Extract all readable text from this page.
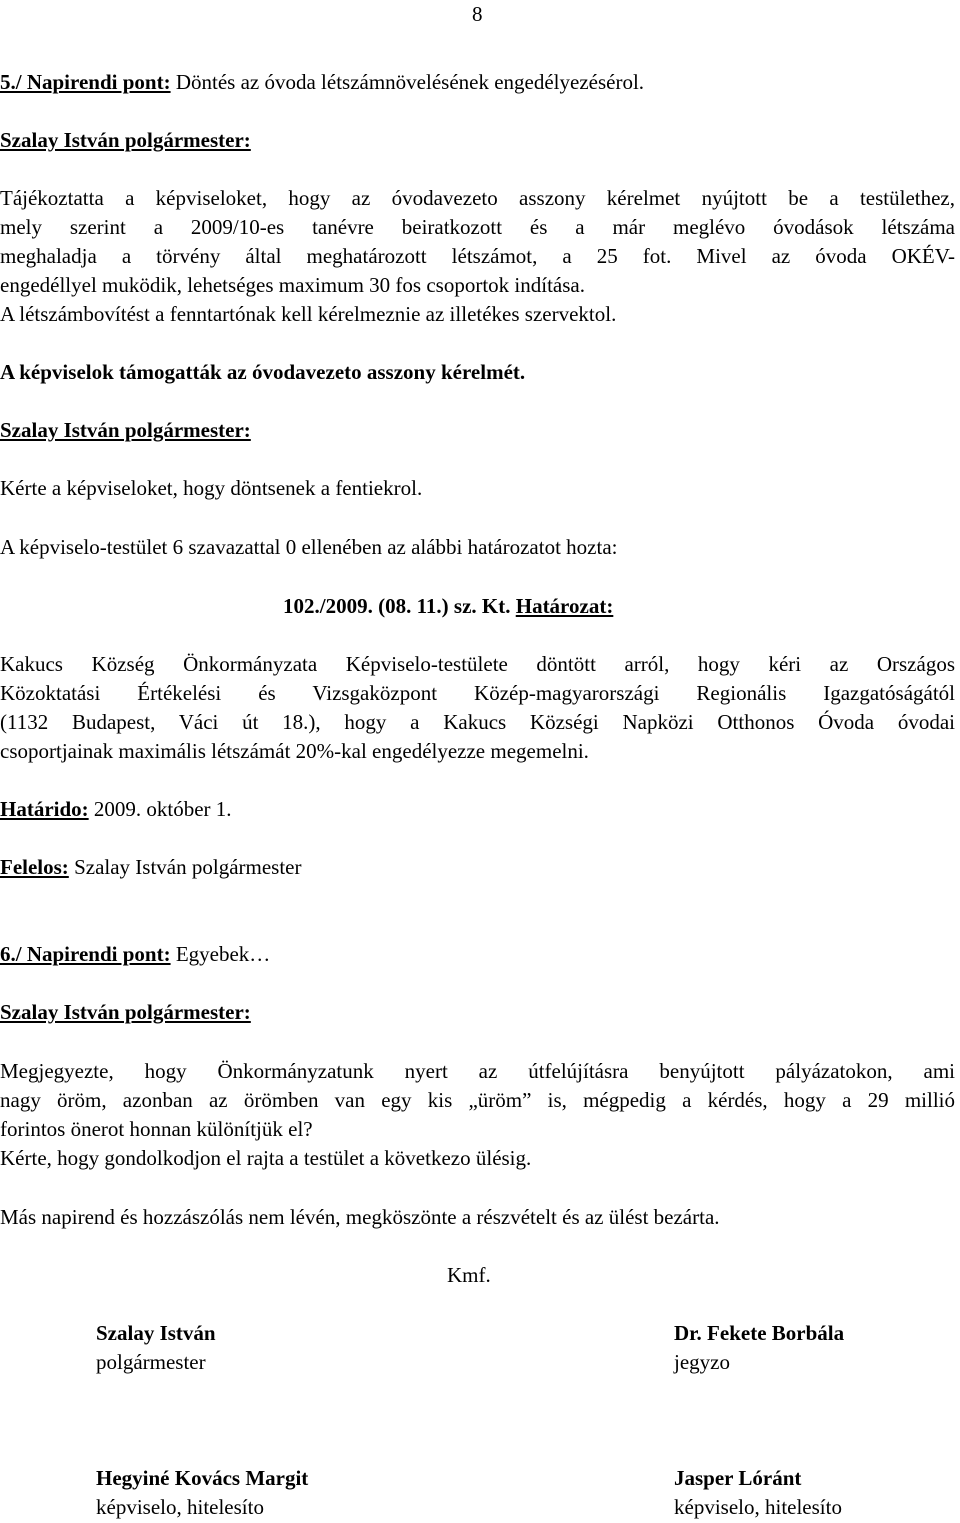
8
5./ Napirendi pont: Döntés az óvoda létszámnövelésének engedélyezésérol.
Szalay István polgármester:
Tájékoztatta a képviseloket, hogy az óvodavezeto asszony kérelmet nyújtott be a testülethez,
mely szerint a 2009/10-es tanévre beiratkozott és a már meglévo óvodások létszáma
meghaladja a törvény által meghatározott létszámot, a 25 fot. Mivel az óvoda OKÉV-
engedéllyel muködik, lehetséges maximum 30 fos csoportok indítása.
A létszámbovítést a fenntartónak kell kérelmeznie az illetékes szervektol.
A képviselok támogatták az óvodavezeto asszony kérelmét.
Szalay István polgármester:
Kérte a képviseloket, hogy döntsenek a fentiekrol.
A képviselo-testület 6 szavazattal 0 ellenében az alábbi határozatot hozta:
102./2009. (08. 11.) sz. Kt. Határozat:
Kakucs Község Önkormányzata Képviselo-testülete döntött arról, hogy kéri az Országos
Közoktatási Értékelési és Vizsgaközpont Közép-magyarországi Regionális Igazgatóságától
(1132 Budapest, Váci út 18.), hogy a Kakucs Községi Napközi Otthonos Óvoda óvodai
csoportjainak maximális létszámát 20%-kal engedélyezze megemelni.
Határido: 2009. október 1.
Felelos: Szalay István polgármester
6./ Napirendi pont: Egyebek…
Szalay István polgármester:
Megjegyezte, hogy Önkormányzatunk nyert az útfelújításra benyújtott pályázatokon, ami
nagy öröm, azonban az örömben van egy kis „üröm” is, mégpedig a kérdés, hogy a 29 millió
forintos önerot honnan különítjük el?
Kérte, hogy gondolkodjon el rajta a testület a következo ülésig.
Más napirend és hozzászólás nem lévén, megköszönte a részvételt és az ülést bezárta.
Kmf.
Szalay István
polgármester
Dr. Fekete Borbála
jegyzo
Hegyiné Kovács Margit
képviselo, hitelesíto
Jasper Lóránt
képviselo, hitelesíto
